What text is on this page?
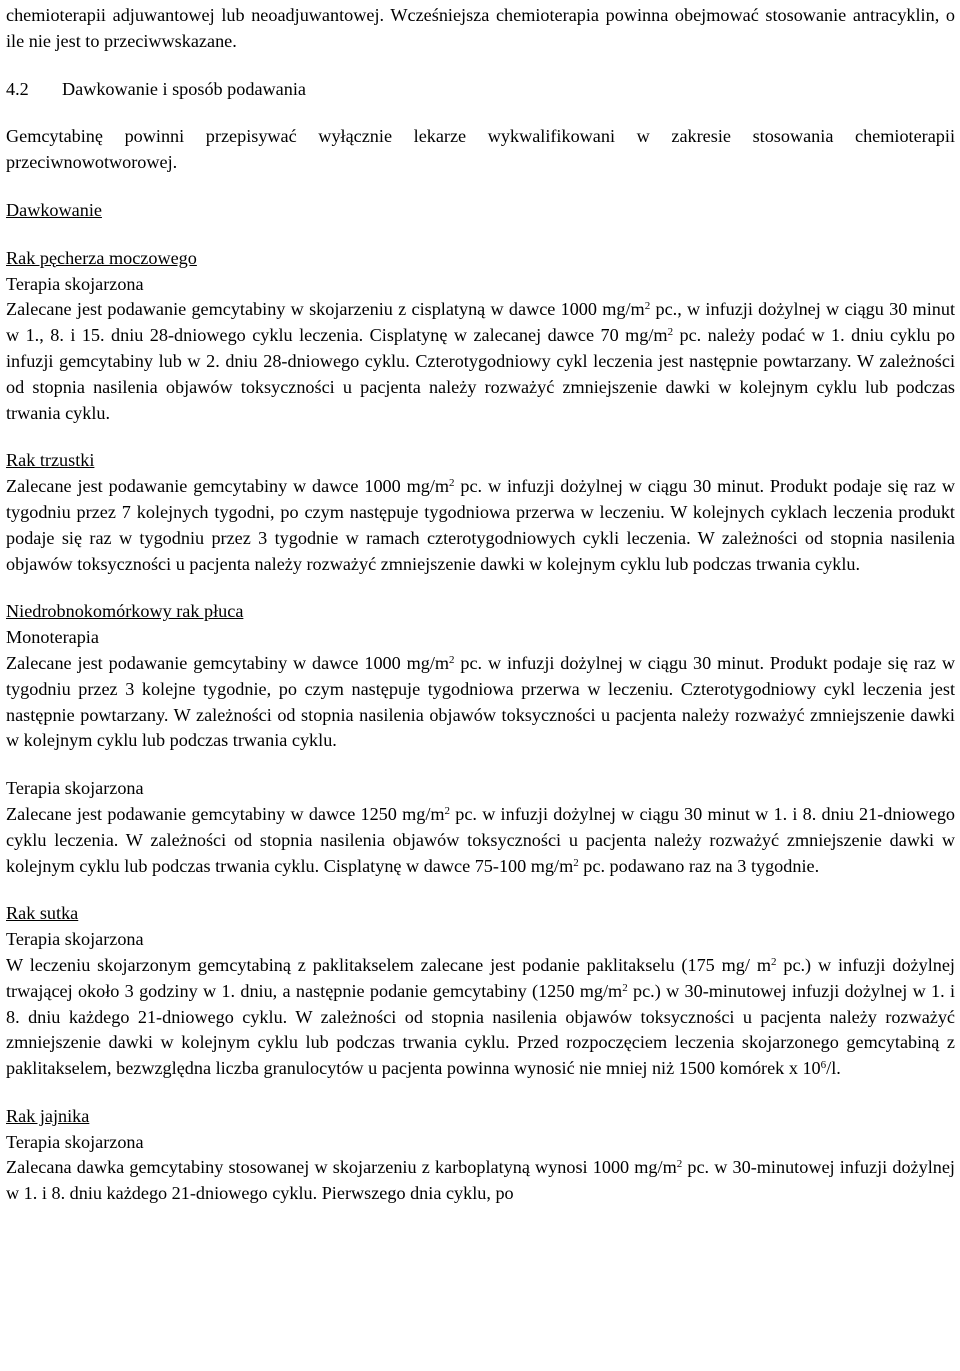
chemioterapii adjuwantowej lub neoadjuwantowej. Wcześniejsza chemioterapia powinna obejmować stosowanie antracyklin, o ile nie jest to przeciwwskazane.

4.2 Dawkowanie i sposób podawania

Gemcytabinę powinni przepisywać wyłącznie lekarze wykwalifikowani w zakresie stosowania chemioterapii przeciwnowotworowej.

Dawkowanie

Rak pęcherza moczowego

Terapia skojarzona

Zalecane jest podawanie gemcytabiny w skojarzeniu z cisplatyną w dawce 1000 $mg/m^2$ pc., w infuzji dożylnej w ciągu 30 minut w 1., 8. i 15. dniu 28-dniowego cyklu leczenia. Cisplatynę w zalecanej dawce 70 $mg/m^2$ pc. należy podać w 1. dniu cyklu po infuzji gemcytabiny lub w 2. dniu 28-dniowego cyklu. Czterotygodniowy cykl leczenia jest następnie powtarzany. W zależności od stopnia nasilenia objawów toksyczności u pacjenta należy rozważyć zmniejszenie dawki w kolejnym cyklu lub podczas trwania cyklu.

Rak trzustki

Zalecane jest podawanie gemcytabiny w dawce 1000 $mg/m^2$ pc. w infuzji dożylnej w ciągu 30 minut. Produkt podaje się raz w tygodniu przez 7 kolejnych tygodni, po czym następuje tygodniowa przerwa w leczeniu. W kolejnych cyklach leczenia produkt podaje się raz w tygodniu przez 3 tygodnie w ramach czterotygodniowych cykli leczenia. W zależności od stopnia nasilenia objawów toksyczności u pacjenta należy rozważyć zmniejszenie dawki w kolejnym cyklu lub podczas trwania cyklu.

Niedrobnokomórkowy rak płuca

Monoterapia

Zalecane jest podawanie gemcytabiny w dawce 1000 $mg/m^2$ pc. w infuzji dożylnej w ciągu 30 minut. Produkt podaje się raz w tygodniu przez 3 kolejne tygodnie, po czym następuje tygodniowa przerwa w leczeniu. Czterotygodniowy cykl leczenia jest następnie powtarzany. W zależności od stopnia nasilenia objawów toksyczności u pacjenta należy rozważyć zmniejszenie dawki w kolejnym cyklu lub podczas trwania cyklu.

Terapia skojarzona

Zalecane jest podawanie gemcytabiny w dawce 1250 $mg/m^2$ pc. w infuzji dożylnej w ciągu 30 minut w 1. i 8. dniu 21-dniowego cyklu leczenia. W zależności od stopnia nasilenia objawów toksyczności u pacjenta należy rozważyć zmniejszenie dawki w kolejnym cyklu lub podczas trwania cyklu. Cisplatynę w dawce 75-100 $mg/m^2$ pc. podawano raz na 3 tygodnie.

Rak sutka

Terapia skojarzona

W leczeniu skojarzonym gemcytabiną z paklitakselem zalecane jest podanie paklitakselu (175 mg/ $m^2$ pc.) w infuzji dożylnej trwającej około 3 godziny w 1. dniu, a następnie podanie gemcytabiny (1250 $mg/m^2$ pc.) w 30-minutowej infuzji dożylnej w 1. i 8. dniu każdego 21-dniowego cyklu. W zależności od stopnia nasilenia objawów toksyczności u pacjenta należy rozważyć zmniejszenie dawki w kolejnym cyklu lub podczas trwania cyklu. Przed rozpoczęciem leczenia skojarzonego gemcytabiną z paklitakselem, bezwzględna liczba granulocytów u pacjenta powinna wynosić nie mniej niż 1500 komórek x $10^6/l$.

Rak jajnika

Terapia skojarzona

Zalecana dawka gemcytabiny stosowanej w skojarzeniu z karboplatyną wynosi 1000 $mg/m^2$ pc. w 30-minutowej infuzji dożylnej w 1. i 8. dniu każdego 21-dniowego cyklu. Pierwszego dnia cyklu, po
